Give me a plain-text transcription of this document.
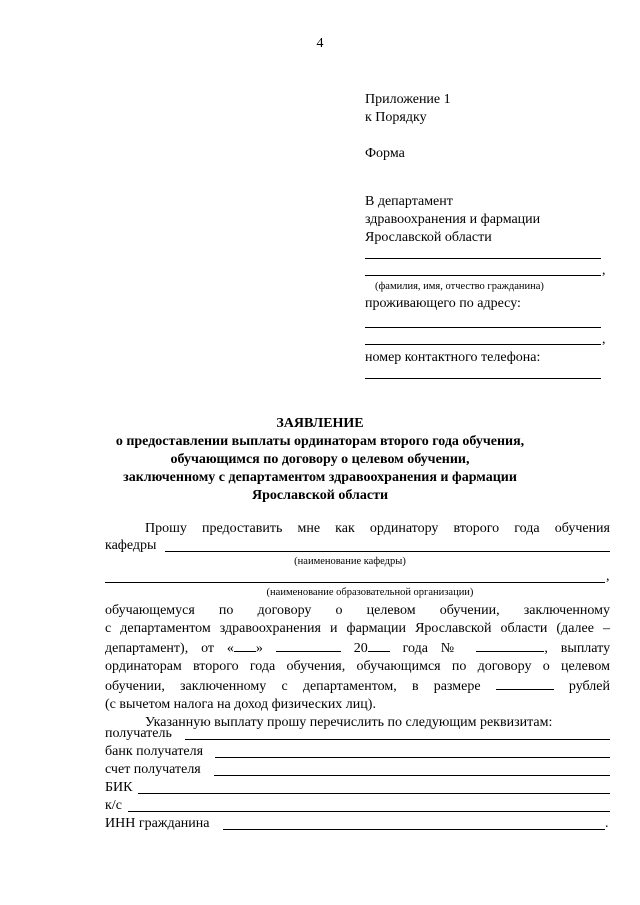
4
Приложение 1
к Порядку
Форма
В департамент
здравоохранения и фармации
Ярославской области
,
(фамилия, имя, отчество гражданина)
проживающего по адресу:
,
номер контактного телефона:
ЗАЯВЛЕНИЕ
о предоставлении выплаты ординаторам второго года обучения,
обучающимся по договору о целевом обучении,
заключенному с департаментом здравоохранения и фармации
Ярославской области
Прошу предоставить мне как ординатору второго года обучения
кафедры
(наименование кафедры)
,
(наименование образовательной организации)
обучающемуся по договору о целевом обучении, заключенному
с департаментом здравоохранения и фармации Ярославской области (далее –
департамент), от « »	20 года №	, выплату
ординаторам второго года обучения, обучающимся по договору о целевом
обучении, заключенному с департаментом, в размере	рублей
(с вычетом налога на доход физических лиц).
Указанную выплату прошу перечислить по следующим реквизитам:
получатель
банк получателя
счет получателя
БИК
к/с
ИНН гражданина	.
